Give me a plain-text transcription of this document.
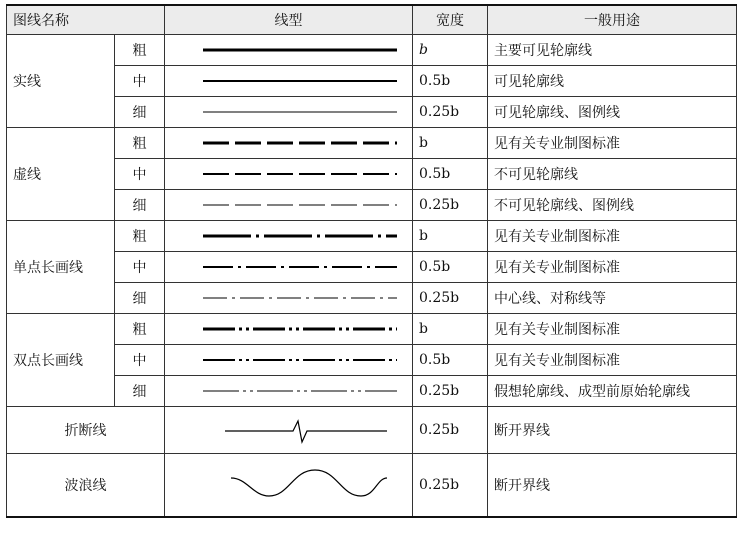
图线名称		线型	宽度	一般用途
实线	粗		b	主要可见轮廓线
	中		0.5b	可见轮廓线
	细		0.25b	可见轮廓线、图例线
虚线	粗		b	见有关专业制图标准
	中		0.5b	不可见轮廓线
	细		0.25b	不可见轮廓线、图例线
单点长画线	粗		b	见有关专业制图标准
	中		0.5b	见有关专业制图标准
	细		0.25b	中心线、对称线等
双点长画线	粗		b	见有关专业制图标准
	中		0.5b	见有关专业制图标准
	细		0.25b	假想轮廓线、成型前原始轮廓线
折断线			0.25b	断开界线
波浪线			0.25b	断开界线
